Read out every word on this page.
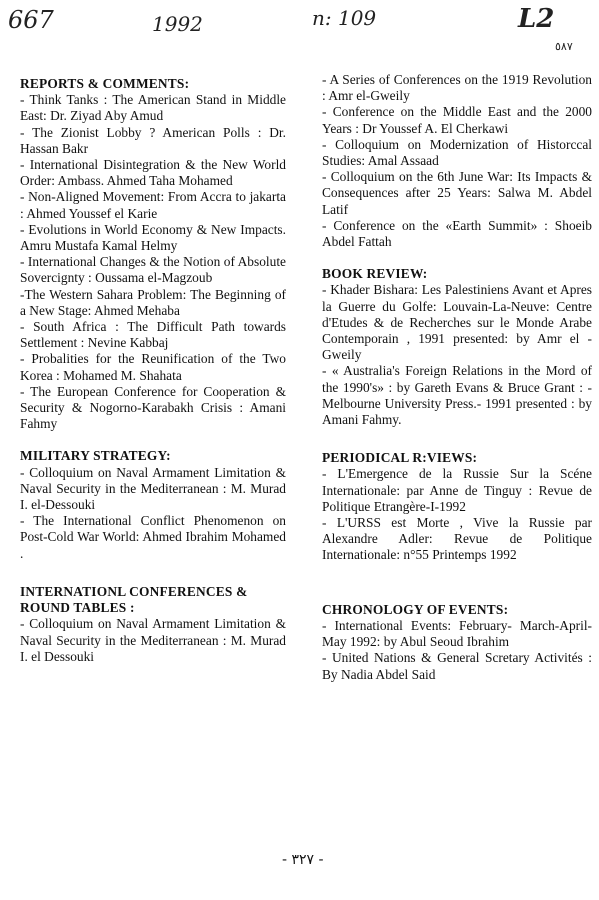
667	1992	n: 109	L2
٥٨٧

REPORTS & COMMENTS:

- Think Tanks : The American Stand in Middle East: Dr. Ziyad Aby Amud

- The Zionist Lobby ? American Polls : Dr. Hassan Bakr

- International Disintegration & the New World Order: Ambass. Ahmed Taha Mohamed

- Non-Aligned Movement: From Accra to jakarta : Ahmed Youssef el Karie

- Evolutions in World Economy & New Impacts. Amru Mustafa Kamal Helmy

- International Changes & the Notion of Absolute Sovercignty : Oussama el-Magzoub

-The Western Sahara Problem: The Beginning of a New Stage: Ahmed Mehaba

- South Africa : The Difficult Path towards Settlement : Nevine Kabbaj

- Probalities for the Reunification of the Two Korea : Mohamed M. Shahata

- The European Conference for Cooperation & Security & Nogorno-Karabakh Crisis : Amani Fahmy

MILITARY STRATEGY:

- Colloquium on Naval Armament Limitation & Naval Security in the Mediterranean : M. Murad I. el-Dessouki

- The International Conflict Phenomenon on Post-Cold War World: Ahmed Ibrahim Mohamed .

INTERNATIONL CONFERENCES & ROUND TABLES :

- Colloquium on Naval Armament Limitation & Naval Security in the Mediterranean : M. Murad I. el Dessouki

- A Series of Conferences on the 1919 Revolution : Amr el-Gweily

- Conference on the Middle East and the 2000 Years : Dr Youssef A. El Cherkawi

- Colloquium on Modernization of Historccal Studies: Amal Assaad

- Colloquium on the 6th June War: Its Impacts & Consequences after 25 Years: Salwa M. Abdel Latif

- Conference on the «Earth Summit» : Shoeib Abdel Fattah

BOOK REVIEW:

- Khader Bishara: Les Palestiniens Avant et Apres la Guerre du Golfe: Louvain-La-Neuve: Centre d'Etudes & de Recherches sur le Monde Arabe Contemporain , 1991 presented: by Amr el -Gweily

- « Australia's Foreign Relations in the Mord of the 1990's» : by Gareth Evans & Bruce Grant : - Melbourne University Press.- 1991 presented : by Amani Fahmy.

PERIODICAL R:VIEWS:

- L'Emergence de la Russie Sur la Scéne Internationale: par Anne de Tinguy : Revue de Politique Etrangère-I-1992

- L'URSS est Morte , Vive la Russie par Alexandre Adler: Revue de Politique Internationale: n°55 Printemps 1992

CHRONOLOGY OF EVENTS:

- International Events: February- March-April-May 1992: by Abul Seoud Ibrahim

- United Nations & General Scretary Activités : By Nadia Abdel Said

- ٣٢٧ -
